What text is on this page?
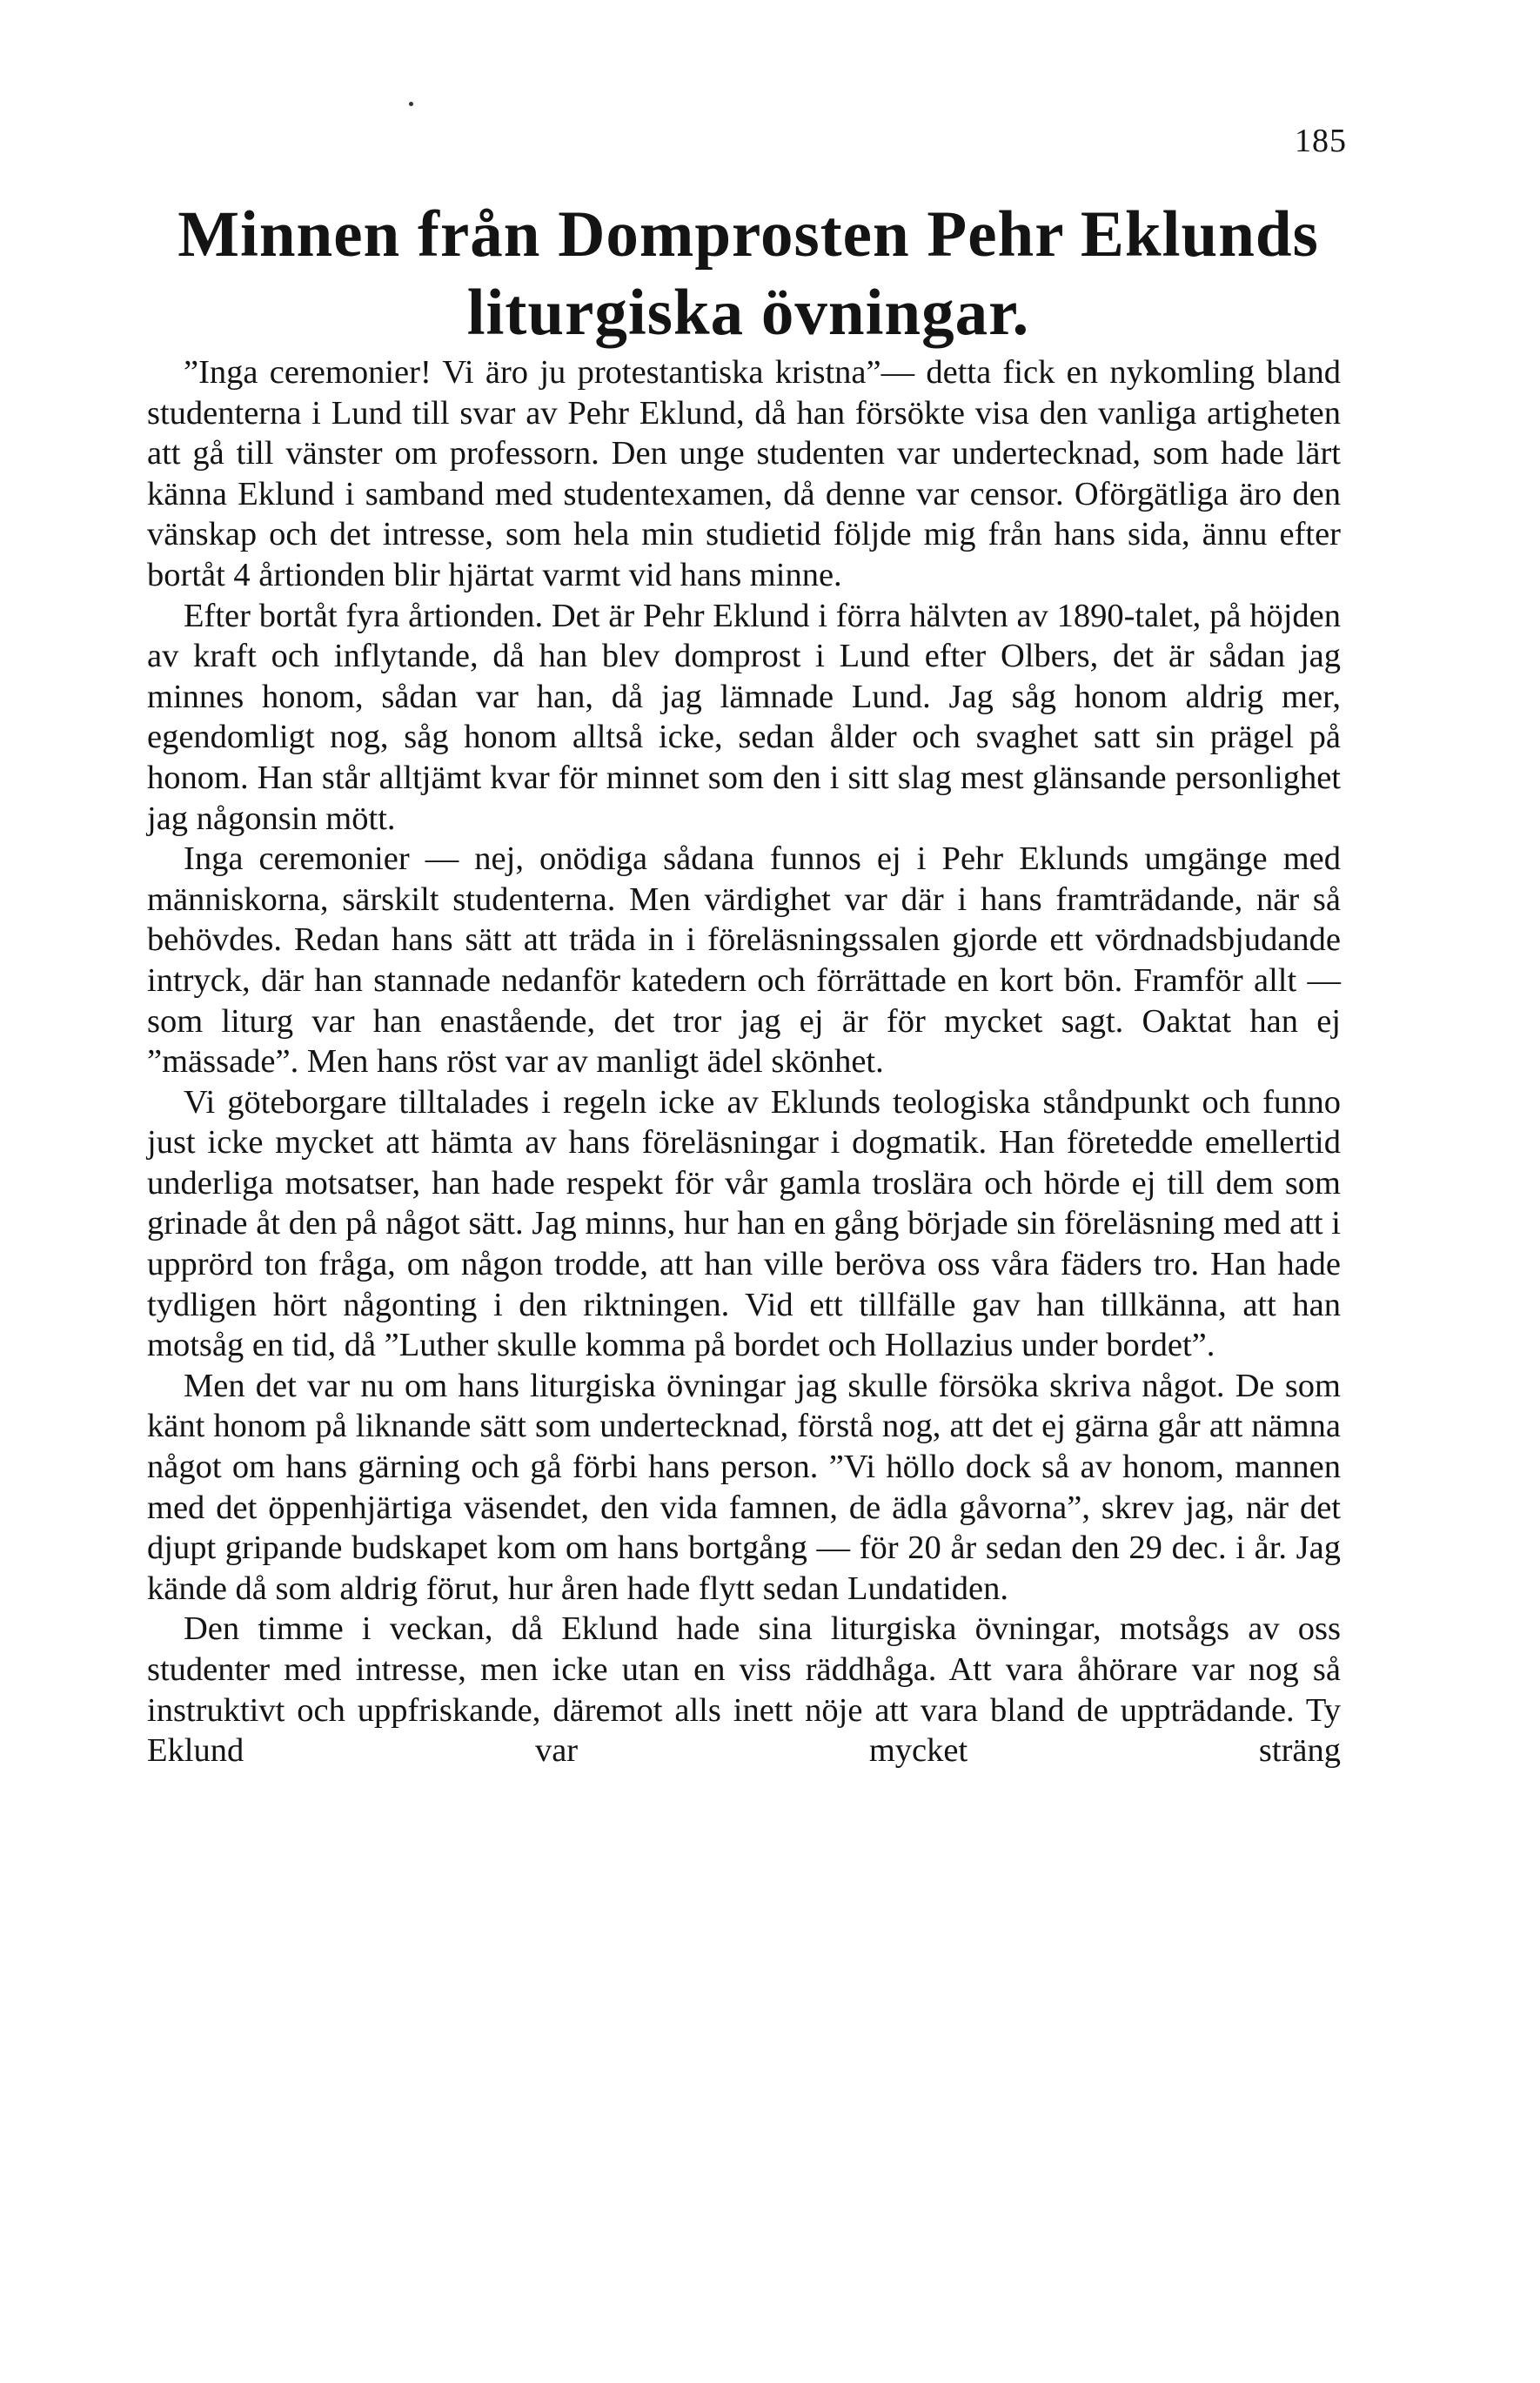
185
Minnen från Domprosten Pehr Eklunds
liturgiska övningar.

”Inga ceremonier! Vi äro ju protestantiska kristna”— detta fick en nykomling bland studenterna i Lund till svar av Pehr Eklund, då han försökte visa den vanliga artigheten att gå till vänster om professorn. Den unge studenten var undertecknad, som hade lärt känna Eklund i samband med studentexamen, då denne var censor. Oförgätliga äro den vänskap och det intresse, som hela min studietid följde mig från hans sida, ännu efter bortåt 4 årtionden blir hjärtat varmt vid hans minne.

Efter bortåt fyra årtionden. Det är Pehr Eklund i förra hälvten av 1890-talet, på höjden av kraft och inflytande, då han blev domprost i Lund efter Olbers, det är sådan jag minnes honom, sådan var han, då jag lämnade Lund. Jag såg honom aldrig mer, egendomligt nog, såg honom alltså icke, sedan ålder och svaghet satt sin prägel på honom. Han står alltjämt kvar för minnet som den i sitt slag mest glänsande personlighet jag någonsin mött.

Inga ceremonier — nej, onödiga sådana funnos ej i Pehr Eklunds umgänge med människorna, särskilt studenterna. Men värdighet var där i hans framträdande, när så behövdes. Redan hans sätt att träda in i föreläsningssalen gjorde ett vördnadsbjudande intryck, där han stannade nedanför katedern och förrättade en kort bön. Framför allt — som liturg var han enastående, det tror jag ej är för mycket sagt. Oaktat han ej ”mässade”. Men hans röst var av manligt ädel skönhet.

Vi göteborgare tilltalades i regeln icke av Eklunds teologiska ståndpunkt och funno just icke mycket att hämta av hans föreläsningar i dogmatik. Han företedde emellertid underliga motsatser, han hade respekt för vår gamla troslära och hörde ej till dem som grinade åt den på något sätt. Jag minns, hur han en gång började sin föreläsning med att i upprörd ton fråga, om någon trodde, att han ville beröva oss våra fäders tro. Han hade tydligen hört någonting i den riktningen. Vid ett tillfälle gav han tillkänna, att han motsåg en tid, då ”Luther skulle komma på bordet och Hollazius under bordet”.

Men det var nu om hans liturgiska övningar jag skulle försöka skriva något. De som känt honom på liknande sätt som undertecknad, förstå nog, att det ej gärna går att nämna något om hans gärning och gå förbi hans person. ”Vi höllo dock så av honom, mannen med det öppenhjärtiga väsendet, den vida famnen, de ädla gåvorna”, skrev jag, när det djupt gripande budskapet kom om hans bortgång — för 20 år sedan den 29 dec. i år. Jag kände då som aldrig förut, hur åren hade flytt sedan Lundatiden.

Den timme i veckan, då Eklund hade sina liturgiska övningar, motsågs av oss studenter med intresse, men icke utan en viss räddhåga. Att vara åhörare var nog så instruktivt och uppfriskande, däremot alls inett nöje att vara bland de uppträdande. Ty Eklund var mycket sträng
